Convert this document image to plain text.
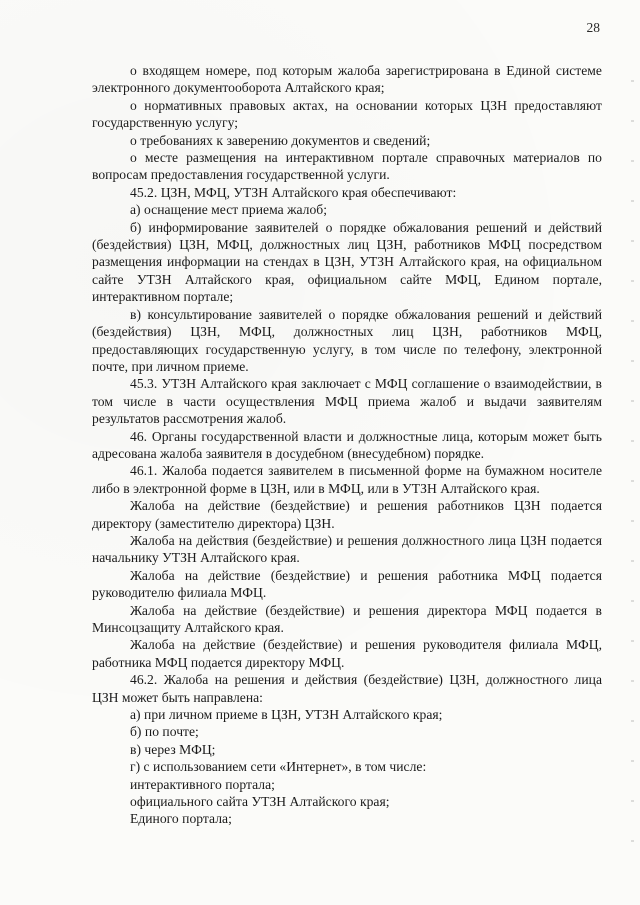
28

о входящем номере, под которым жалоба зарегистрирована в Единой системе электронного документооборота Алтайского края;

о нормативных правовых актах, на основании которых ЦЗН предоставляют государственную услугу;

о требованиях к заверению документов и сведений;

о месте размещения на интерактивном портале справочных материалов по вопросам предоставления государственной услуги.

45.2. ЦЗН, МФЦ, УТЗН Алтайского края обеспечивают:

а) оснащение мест приема жалоб;

б) информирование заявителей о порядке обжалования решений и действий (бездействия) ЦЗН, МФЦ, должностных лиц ЦЗН, работников МФЦ посредством размещения информации на стендах в ЦЗН, УТЗН Алтайского края, на официальном сайте УТЗН Алтайского края, официальном сайте МФЦ, Едином портале, интерактивном портале;

в) консультирование заявителей о порядке обжалования решений и действий (бездействия) ЦЗН, МФЦ, должностных лиц ЦЗН, работников МФЦ, предоставляющих государственную услугу, в том числе по телефону, электронной почте, при личном приеме.

45.3. УТЗН Алтайского края заключает с МФЦ соглашение о взаимодействии, в том числе в части осуществления МФЦ приема жалоб и выдачи заявителям результатов рассмотрения жалоб.

46. Органы государственной власти и должностные лица, которым может быть адресована жалоба заявителя в досудебном (внесудебном) порядке.

46.1. Жалоба подается заявителем в письменной форме на бумажном носителе либо в электронной форме в ЦЗН, или в МФЦ, или в УТЗН Алтайского края.

Жалоба на действие (бездействие) и решения работников ЦЗН подается директору (заместителю директора) ЦЗН.

Жалоба на действия (бездействие) и решения должностного лица ЦЗН подается начальнику УТЗН Алтайского края.

Жалоба на действие (бездействие) и решения работника МФЦ подается руководителю филиала МФЦ.

Жалоба на действие (бездействие) и решения директора МФЦ подается в Минсоцзащиту Алтайского края.

Жалоба на действие (бездействие) и решения руководителя филиала МФЦ, работника МФЦ подается директору МФЦ.

46.2. Жалоба на решения и действия (бездействие) ЦЗН, должностного лица ЦЗН может быть направлена:

а) при личном приеме в ЦЗН, УТЗН Алтайского края;

б) по почте;

в) через МФЦ;

г) с использованием сети «Интернет», в том числе:

интерактивного портала;

официального сайта УТЗН Алтайского края;

Единого портала;
